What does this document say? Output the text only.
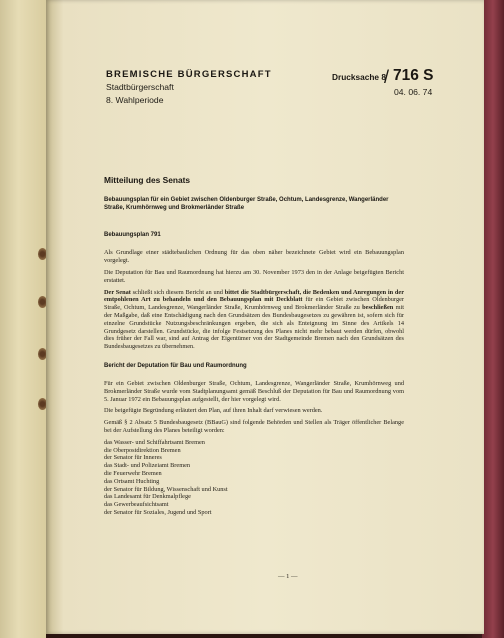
BREMISCHE BÜRGERSCHAFT
Stadtbürgerschaft
8. Wahlperiode
Drucksache 8
/ 716 S
04. 06. 74
Mitteilung des Senats
Bebauungsplan für ein Gebiet zwischen Oldenburger Straße, Ochtum, Landesgrenze, Wangerländer Straße, Krumhörnweg und Brokmerländer Straße
Bebauungsplan 791

Als Grundlage einer städtebaulichen Ordnung für das oben näher bezeichnete Gebiet wird ein Bebauungsplan vorgelegt.

Die Deputation für Bau und Raumordnung hat hierzu am 30. November 1973 den in der Anlage beigefügten Bericht erstattet.

Der Senat schließt sich diesem Bericht an und bittet die Stadtbürgerschaft, die Bedenken und Anregungen in der emtpohlenen Art zu behandeln und den Bebauungsplan mit Deckblatt für ein Gebiet zwischen Oldenburger Straße, Ochtum, Landesgrenze, Wangerländer Straße, Krumhörnweg und Brokmerländer Straße zu beschließen mit der Maßgabe, daß eine Entschädigung nach den Grundsätzen des Bundesbaugesetzes zu gewähren ist, sofern sich für einzelne Grundstücke Nutzungsbeschränkungen ergeben, die sich als Enteignung im Sinne des Artikels 14 Grundgesetz darstellen. Grundstücke, die infolge Festsetzung des Planes nicht mehr bebaut werden dürfen, obwohl dies früher der Fall war, sind auf Antrag der Eigentümer von der Stadtgemeinde Bremen nach den Grundsätzen des Bundesbaugesetzes zu übernehmen.

Bericht der Deputation für Bau und Raumordnung

Für ein Gebiet zwischen Oldenburger Straße, Ochtum, Landesgrenze, Wangerländer Straße, Krumhörnweg und Brokmerländer Straße wurde vom Stadtplanungsamt gemäß Beschluß der Deputation für Bau und Raumordnung vom 5. Januar 1972 ein Bebauungsplan aufgestellt, der hier vorgelegt wird.

Die beigefügte Begründung erläutert den Plan, auf ihren Inhalt darf verwiesen werden.

Gemäß § 2 Absatz 5 Bundesbaugesetz (BBauG) sind folgende Behörden und Stellen als Träger öffentlicher Belange bei der Aufstellung des Planes beteiligt worden:

das Wasser- und Schiffahrtsamt Bremen
die Oberpostdirektion Bremen
der Senator für Inneres
das Stadt- und Polizeiamt Bremen
die Feuerwehr Bremen
das Ortsamt Huchting
der Senator für Bildung, Wissenschaft und Kunst
das Landesamt für Denkmalpflege
das Gewerbeaufsichtsamt
der Senator für Soziales, Jugend und Sport
— 1 —
